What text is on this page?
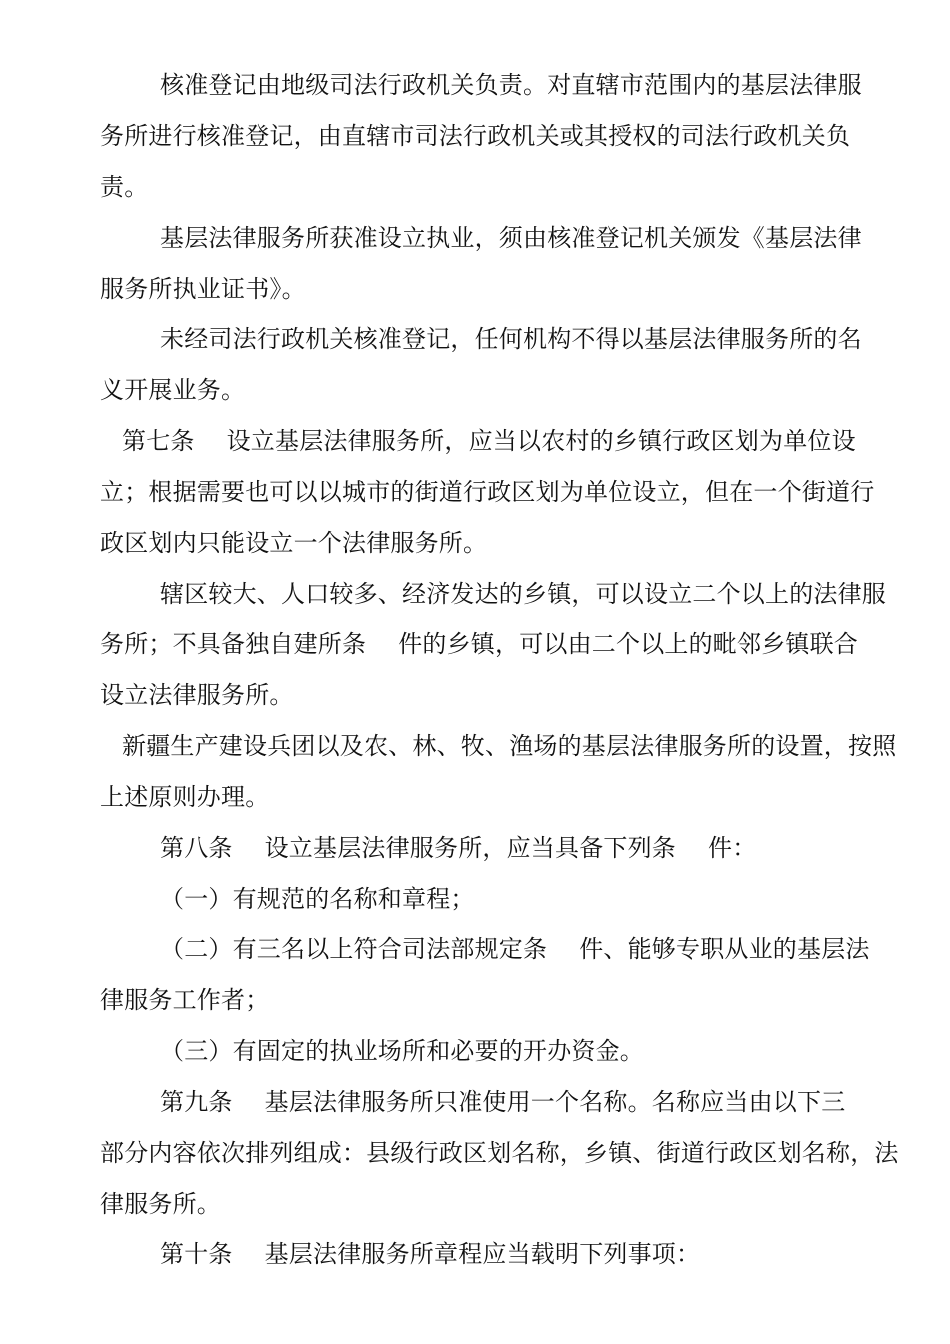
核准登记由地级司法行政机关负责。对直辖市范围内的基层法律服
务所进行核准登记，由直辖市司法行政机关或其授权的司法行政机关负
责。
基层法律服务所获准设立执业，须由核准登记机关颁发《基层法律
服务所执业证书》。
未经司法行政机关核准登记，任何机构不得以基层法律服务所的名
义开展业务。
第七条 设立基层法律服务所，应当以农村的乡镇行政区划为单位设
立；根据需要也可以以城市的街道行政区划为单位设立，但在一个街道行
政区划内只能设立一个法律服务所。
辖区较大、人口较多、经济发达的乡镇，可以设立二个以上的法律服
务所；不具备独自建所条 件的乡镇，可以由二个以上的毗邻乡镇联合
设立法律服务所。
新疆生产建设兵团以及农、林、牧、渔场的基层法律服务所的设置，按照
上述原则办理。
第八条 设立基层法律服务所，应当具备下列条 件：
（一）有规范的名称和章程；
（二）有三名以上符合司法部规定条 件、能够专职从业的基层法
律服务工作者；
（三）有固定的执业场所和必要的开办资金。
第九条 基层法律服务所只准使用一个名称。名称应当由以下三
部分内容依次排列组成：县级行政区划名称，乡镇、街道行政区划名称，法
律服务所。
第十条 基层法律服务所章程应当载明下列事项：
